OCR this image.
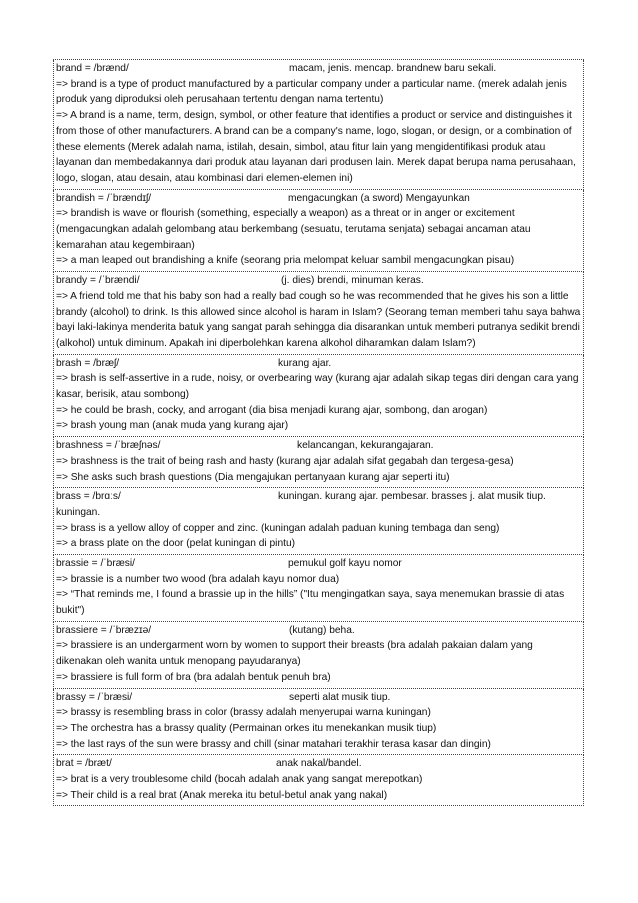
brand = /brænd/	macam, jenis. mencap. brandnew baru sekali.
=> brand is a type of product manufactured by a particular company under a particular name. (merek adalah jenis produk yang diproduksi oleh perusahaan tertentu dengan nama tertentu)
=> A brand is a name, term, design, symbol, or other feature that identifies a product or service and distinguishes it from those of other manufacturers. A brand can be a company's name, logo, slogan, or design, or a combination of these elements (Merek adalah nama, istilah, desain, simbol, atau fitur lain yang mengidentifikasi produk atau layanan dan membedakannya dari produk atau layanan dari produsen lain. Merek dapat berupa nama perusahaan, logo, slogan, atau desain, atau kombinasi dari elemen-elemen ini)
brandish = /ˈbrændɪʃ/	mengacungkan (a sword) Mengayunkan
=> brandish is wave or flourish (something, especially a weapon) as a threat or in anger or excitement (mengacungkan adalah gelombang atau berkembang (sesuatu, terutama senjata) sebagai ancaman atau kemarahan atau kegembiraan)
=> a man leaped out brandishing a knife (seorang pria melompat keluar sambil mengacungkan pisau)
brandy = /ˈbrændi/	(j. dies) brendi, minuman keras.
=> A friend told me that his baby son had a really bad cough so he was recommended that he gives his son a little brandy (alcohol) to drink. Is this allowed since alcohol is haram in Islam? (Seorang teman memberi tahu saya bahwa bayi laki-lakinya menderita batuk yang sangat parah sehingga dia disarankan untuk memberi putranya sedikit brendi (alkohol) untuk diminum. Apakah ini diperbolehkan karena alkohol diharamkan dalam Islam?)
brash = /bræʃ/	kurang ajar.
=> brash is self-assertive in a rude, noisy, or overbearing way (kurang ajar adalah sikap tegas diri dengan cara yang kasar, berisik, atau sombong)
=> he could be brash, cocky, and arrogant (dia bisa menjadi kurang ajar, sombong, dan arogan)
=> brash young man (anak muda yang kurang ajar)
brashness = /ˈbræʃnəs/	kelancangan, kekurangajaran.
=> brashness is the trait of being rash and hasty (kurang ajar adalah sifat gegabah dan tergesa-gesa)
=> She asks such brash questions (Dia mengajukan pertanyaan kurang ajar seperti itu)
brass = /brɑːs/	kuningan. kurang ajar. pembesar. brasses j. alat musik tiup.
kuningan.
=> brass is a yellow alloy of copper and zinc. (kuningan adalah paduan kuning tembaga dan seng)
=> a brass plate on the door (pelat kuningan di pintu)
brassie = /ˈbræsi/	pemukul golf kayu nomor
=> brassie is a number two wood (bra adalah kayu nomor dua)
=> “That reminds me, I found a brassie up in the hills” ("Itu mengingatkan saya, saya menemukan brassie di atas bukit")
brassiere = /ˈbræzɪə/	(kutang) beha.
=> brassiere is an undergarment worn by women to support their breasts (bra adalah pakaian dalam yang dikenakan oleh wanita untuk menopang payudaranya)
=> brassiere is full form of bra (bra adalah bentuk penuh bra)
brassy = /ˈbræsi/	seperti alat musik tiup.
=> brassy is resembling brass in color (brassy adalah menyerupai warna kuningan)
=> The orchestra has a brassy quality (Permainan orkes itu menekankan musik tiup)
=> the last rays of the sun were brassy and chill (sinar matahari terakhir terasa kasar dan dingin)
brat = /bræt/	anak nakal/bandel.
=> brat is a very troublesome child (bocah adalah anak yang sangat merepotkan)
=> Their child is a real brat (Anak mereka itu betul-betul anak yang nakal)
